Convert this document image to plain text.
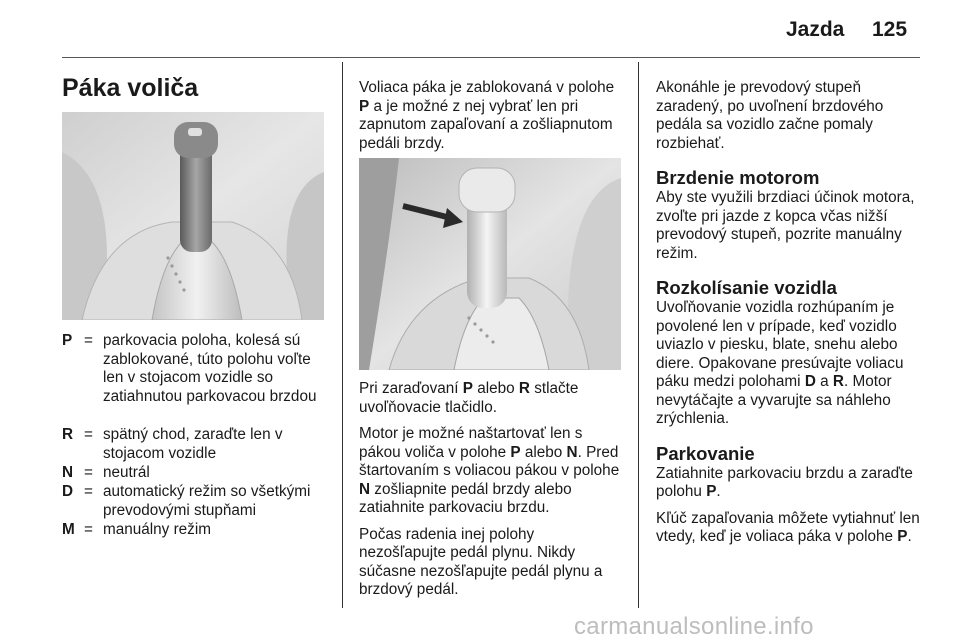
Jazda 125
Páka voliča
P = parkovacia poloha, kolesá sú zablokované, túto polohu voľte len v stojacom vozidle so zatiahnutou parkovacou brzdou
R = spätný chod, zaraďte len v stojacom vozidle
N = neutrál
D = automatický režim so všetkými prevodovými stupňami
M = manuálny režim

Voliaca páka je zablokovaná v polohe P a je možné z nej vybrať len pri zapnutom zapaľovaní a zošliapnutom pedáli brzdy.

Pri zaraďovaní P alebo R stlačte uvoľňovacie tlačidlo.

Motor je možné naštartovať len s pákou voliča v polohe P alebo N. Pred štartovaním s voliacou pákou v polohe N zošliapnite pedál brzdy alebo zatiahnite parkovaciu brzdu.

Počas radenia inej polohy nezošľapujte pedál plynu. Nikdy súčasne nezošľapujte pedál plynu a brzdový pedál.

Akonáhle je prevodový stupeň zaradený, po uvoľnení brzdového pedála sa vozidlo začne pomaly rozbiehať.

Brzdenie motorom

Aby ste využili brzdiaci účinok motora, zvoľte pri jazde z kopca včas nižší prevodový stupeň, pozrite manuálny režim.

Rozkolísanie vozidla

Uvoľňovanie vozidla rozhúpaním je povolené len v prípade, keď vozidlo uviazlo v piesku, blate, snehu alebo diere. Opakovane presúvajte voliacu páku medzi polohami D a R. Motor nevytáčajte a vyvarujte sa náhleho zrýchlenia.

Parkovanie

Zatiahnite parkovaciu brzdu a zaraďte polohu P.

Kľúč zapaľovania môžete vytiahnuť len vtedy, keď je voliaca páka v polohe P.

carmanualsonline.info
